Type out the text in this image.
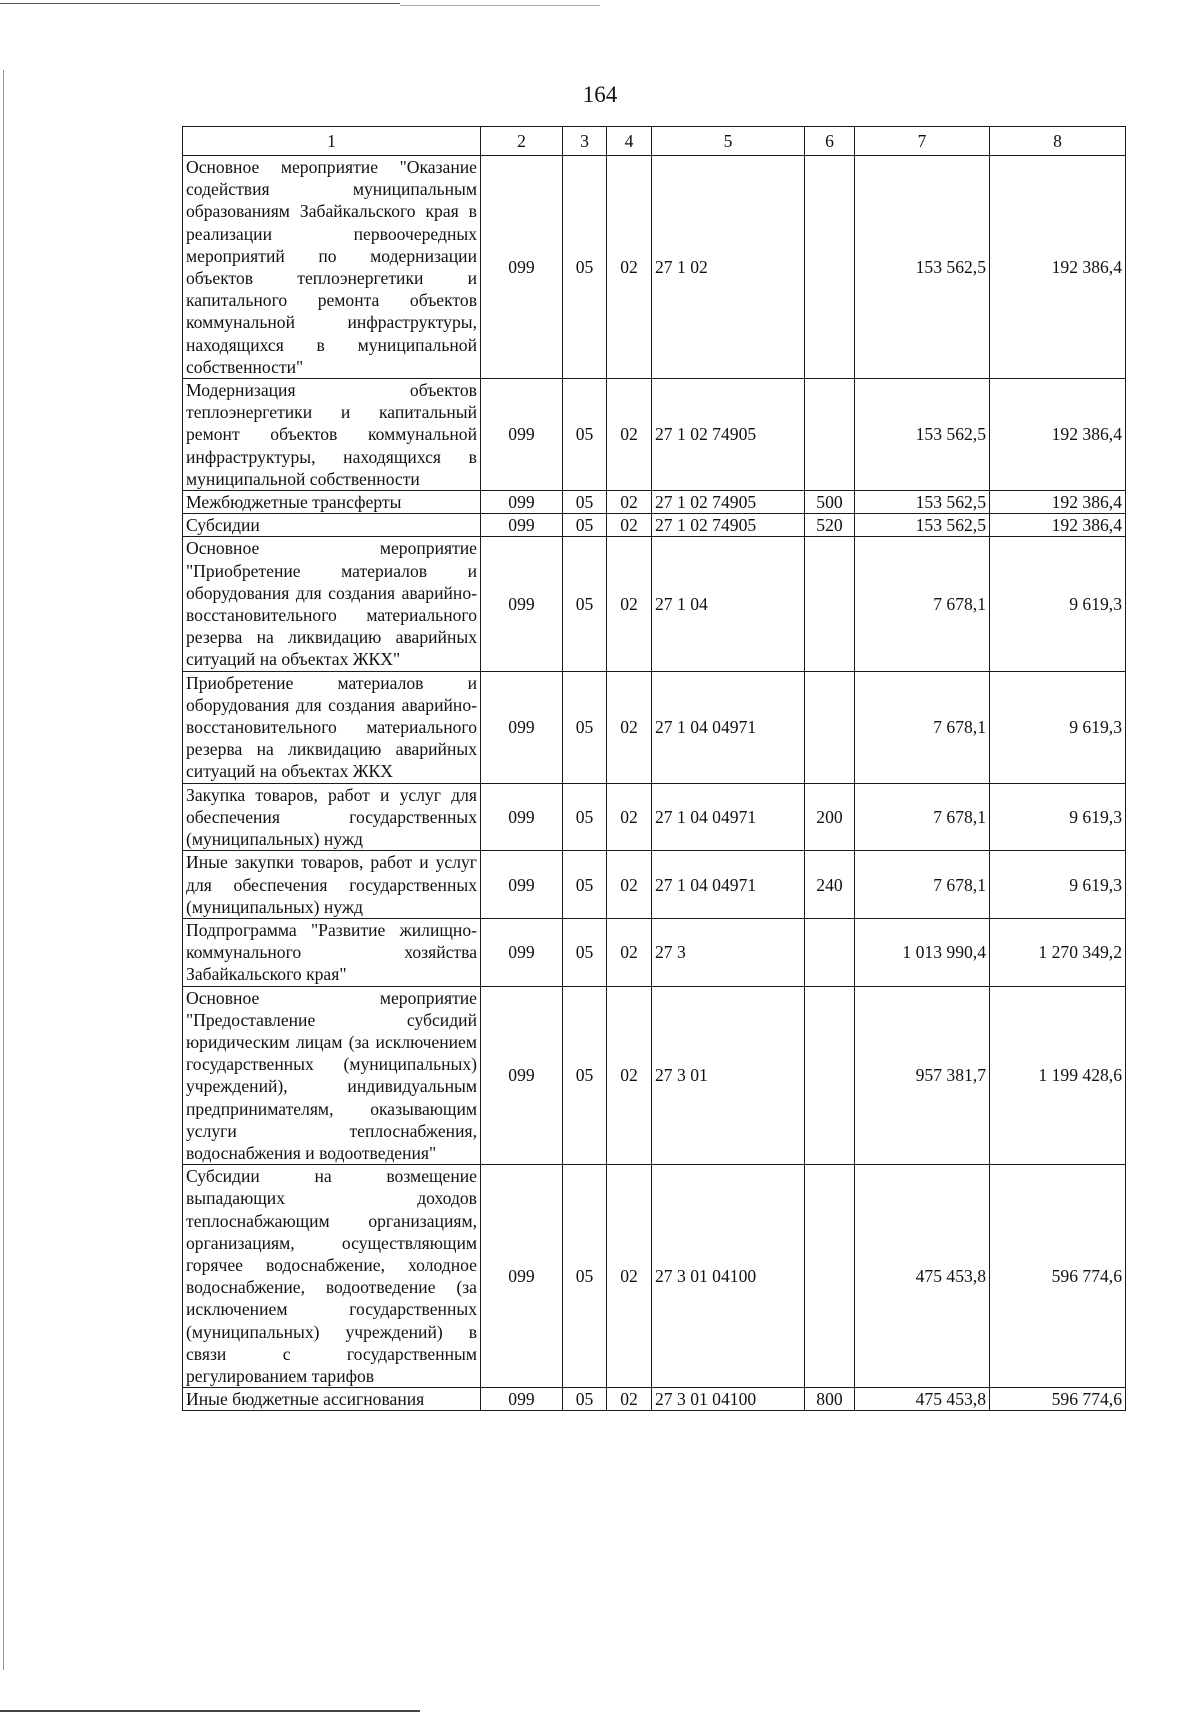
164
1	2	3	4	5	6	7	8
Основное мероприятие "Оказание содействия муниципальным образованиям Забайкальского края в реализации первоочередных мероприятий по модернизации объектов теплоэнергетики и капитального ремонта объектов коммунальной инфраструктуры, находящихся в муниципальной собственности"	099	05	02	27 1 02		153 562,5	192 386,4
Модернизация объектов теплоэнергетики и капитальный ремонт объектов коммунальной инфраструктуры, находящихся в муниципальной собственности	099	05	02	27 1 02 74905		153 562,5	192 386,4
Межбюджетные трансферты	099	05	02	27 1 02 74905	500	153 562,5	192 386,4
Субсидии	099	05	02	27 1 02 74905	520	153 562,5	192 386,4
Основное мероприятие "Приобретение материалов и оборудования для создания аварийно-восстановительного материального резерва на ликвидацию аварийных ситуаций на объектах ЖКХ"	099	05	02	27 1 04		7 678,1	9 619,3
Приобретение материалов и оборудования для создания аварийно-восстановительного материального резерва на ликвидацию аварийных ситуаций на объектах ЖКХ	099	05	02	27 1 04 04971		7 678,1	9 619,3
Закупка товаров, работ и услуг для обеспечения государственных (муниципальных) нужд	099	05	02	27 1 04 04971	200	7 678,1	9 619,3
Иные закупки товаров, работ и услуг для обеспечения государственных (муниципальных) нужд	099	05	02	27 1 04 04971	240	7 678,1	9 619,3
Подпрограмма "Развитие жилищно-коммунального хозяйства Забайкальского края"	099	05	02	27 3		1 013 990,4	1 270 349,2
Основное мероприятие "Предоставление субсидий юридическим лицам (за исключением государственных (муниципальных) учреждений), индивидуальным предпринимателям, оказывающим услуги теплоснабжения, водоснабжения и водоотведения"	099	05	02	27 3 01		957 381,7	1 199 428,6
Субсидии на возмещение выпадающих доходов теплоснабжающим организациям, организациям, осуществляющим горячее водоснабжение, холодное водоснабжение, водоотведение (за исключением государственных (муниципальных) учреждений) в связи с государственным регулированием тарифов	099	05	02	27 3 01 04100		475 453,8	596 774,6
Иные бюджетные ассигнования	099	05	02	27 3 01 04100	800	475 453,8	596 774,6
